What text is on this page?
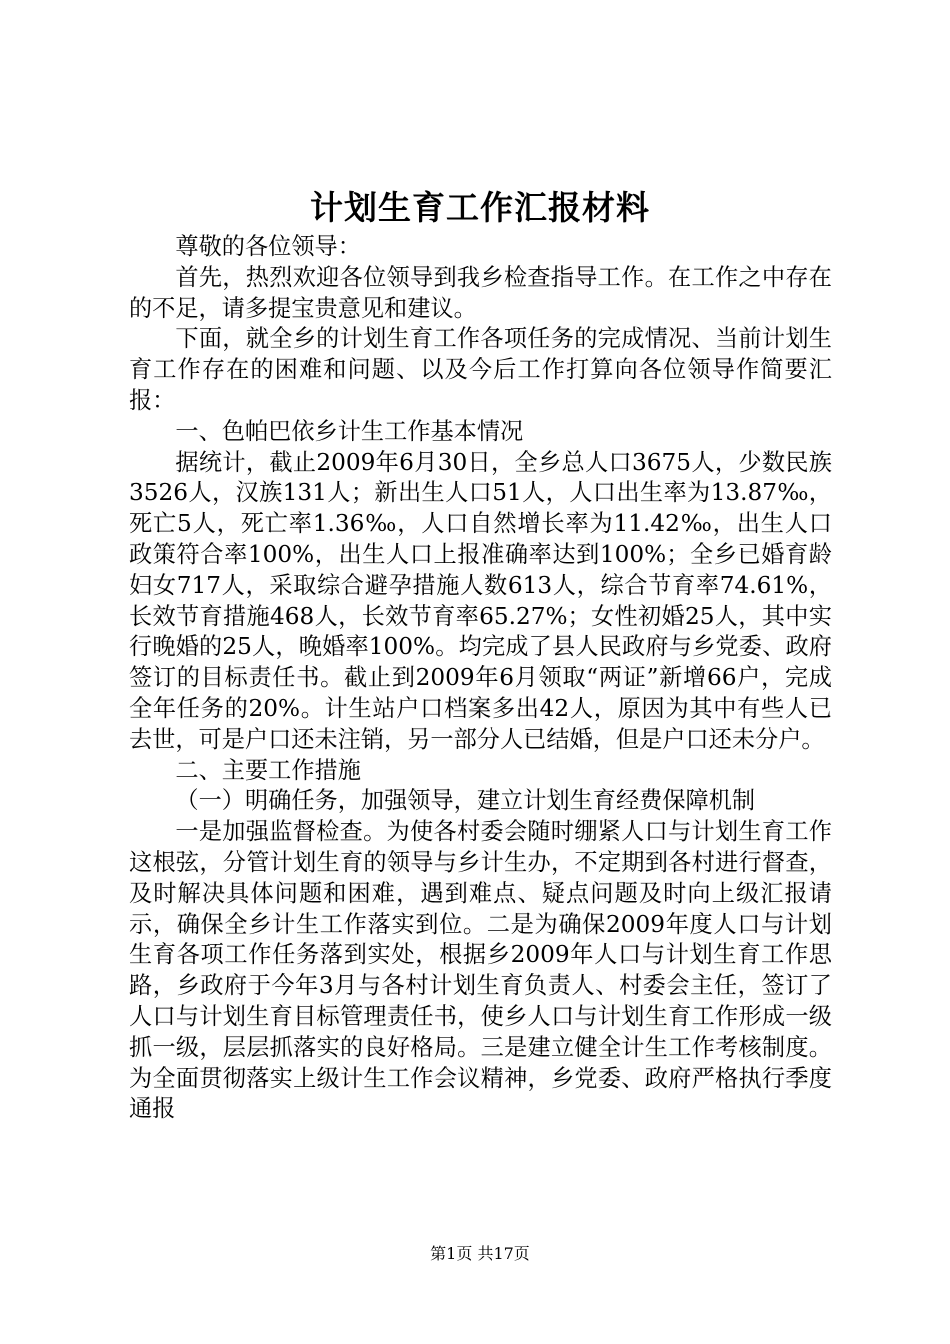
计划生育工作汇报材料

尊敬的各位领导：

首先，热烈欢迎各位领导到我乡检查指导工作。在工作之中存在的不足，请多提宝贵意见和建议。

下面，就全乡的计划生育工作各项任务的完成情况、当前计划生育工作存在的困难和问题、以及今后工作打算向各位领导作简要汇报：

一、色帕巴依乡计生工作基本情况

据统计，截止2009年6月30日，全乡总人口3675人，少数民族3526人，汉族131人；新出生人口51人，人口出生率为13.87‰，死亡5人，死亡率1.36‰，人口自然增长率为11.42‰，出生人口政策符合率100%，出生人口上报准确率达到100%；全乡已婚育龄妇女717人，采取综合避孕措施人数613人，综合节育率74.61%，长效节育措施468人，长效节育率65.27%；女性初婚25人，其中实行晚婚的25人，晚婚率100%。均完成了县人民政府与乡党委、政府签订的目标责任书。截止到2009年6月领取“两证”新增66户，完成全年任务的20%。计生站户口档案多出42人，原因为其中有些人已去世，可是户口还未注销，另一部分人已结婚，但是户口还未分户。

二、主要工作措施

（一）明确任务，加强领导，建立计划生育经费保障机制

一是加强监督检查。为使各村委会随时绷紧人口与计划生育工作这根弦，分管计划生育的领导与乡计生办，不定期到各村进行督查，及时解决具体问题和困难，遇到难点、疑点问题及时向上级汇报请示，确保全乡计生工作落实到位。二是为确保2009年度人口与计划生育各项工作任务落到实处，根据乡2009年人口与计划生育工作思路，乡政府于今年3月与各村计划生育负责人、村委会主任，签订了人口与计划生育目标管理责任书，使乡人口与计划生育工作形成一级抓一级，层层抓落实的良好格局。三是建立健全计生工作考核制度。为全面贯彻落实上级计生工作会议精神，乡党委、政府严格执行季度通报

第1页 共17页
